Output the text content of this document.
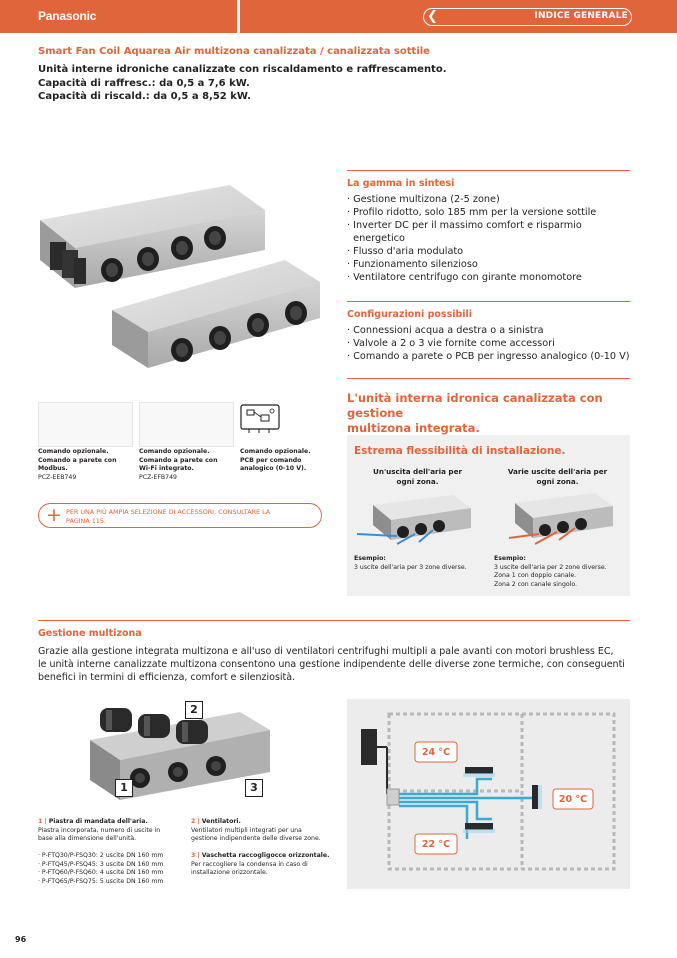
Panasonic	❮	INDICE GENERALE
Smart Fan Coil Aquarea Air multizona canalizzata / canalizzata sottile
Unità interne idroniche canalizzate con riscaldamento e raffrescamento.
Capacità di raffresc.: da 0,5 a 7,6 kW.
Capacità di riscald.: da 0,5 a 8,52 kW.
La gamma in sintesi
· Gestione multizona (2-5 zone)
· Profilo ridotto, solo 185 mm per la versione sottile
· Inverter DC per il massimo comfort e risparmio
energetico
· Flusso d'aria modulato
· Funzionamento silenzioso
· Ventilatore centrifugo con girante monomotore
Configurazioni possibili
· Connessioni acqua a destra o a sinistra
· Valvole a 2 o 3 vie fornite come accessori
· Comando a parete o PCB per ingresso analogico (0-10 V)
L'unità interna idronica canalizzata con gestione
multizona integrata.
Comando opzionale.
Comando a parete con
Modbus.
PCZ-EEB749
Comando opzionale.
Comando a parete con
Wi-Fi integrato.
PCZ-EFB749
Comando opzionale.
PCB per comando
analogico (0-10 V).
+ PER UNA PIÙ AMPIA SELEZIONE DI ACCESSORI, CONSULTARE LA
PAGINA 115.
Estrema flessibilità di installazione.
Un'uscita dell'aria per
ogni zona.
Varie uscite dell'aria per
ogni zona.
Esempio:
3 uscite dell'aria per 3 zone diverse.
Esempio:
3 uscite dell'aria per 2 zone diverse.
Zona 1 con doppio canale.
Zona 2 con canale singolo.
Gestione multizona
Grazie alla gestione integrata multizona e all'uso di ventilatori centrifughi multipli a pale avanti con motori brushless EC,
le unità interne canalizzate multizona consentono una gestione indipendente delle diverse zone termiche, con conseguenti
benefici in termini di efficienza, comfort e silenziosità.
2
1	3
1 | Piastra di mandata dell'aria.
Piastra incorporata, numero di uscite in
base alla dimensione dell'unità.

· P-FTQ30/P-FSQ30: 2 uscite DN 160 mm
· P-FTQ45/P-FSQ45: 3 uscite DN 160 mm
· P-FTQ60/P-FSQ60: 4 uscite DN 160 mm
· P-FTQ65/P-FSQ75: 5 uscite DN 160 mm
2 | Ventilatori.
Ventilatori multipli integrati per una
gestione indipendente delle diverse zone.

3 | Vaschetta raccogligocce orizzontale.
Per raccogliere la condensa in caso di
installazione orizzontale.
24 °C
20 °C
22 °C
96
